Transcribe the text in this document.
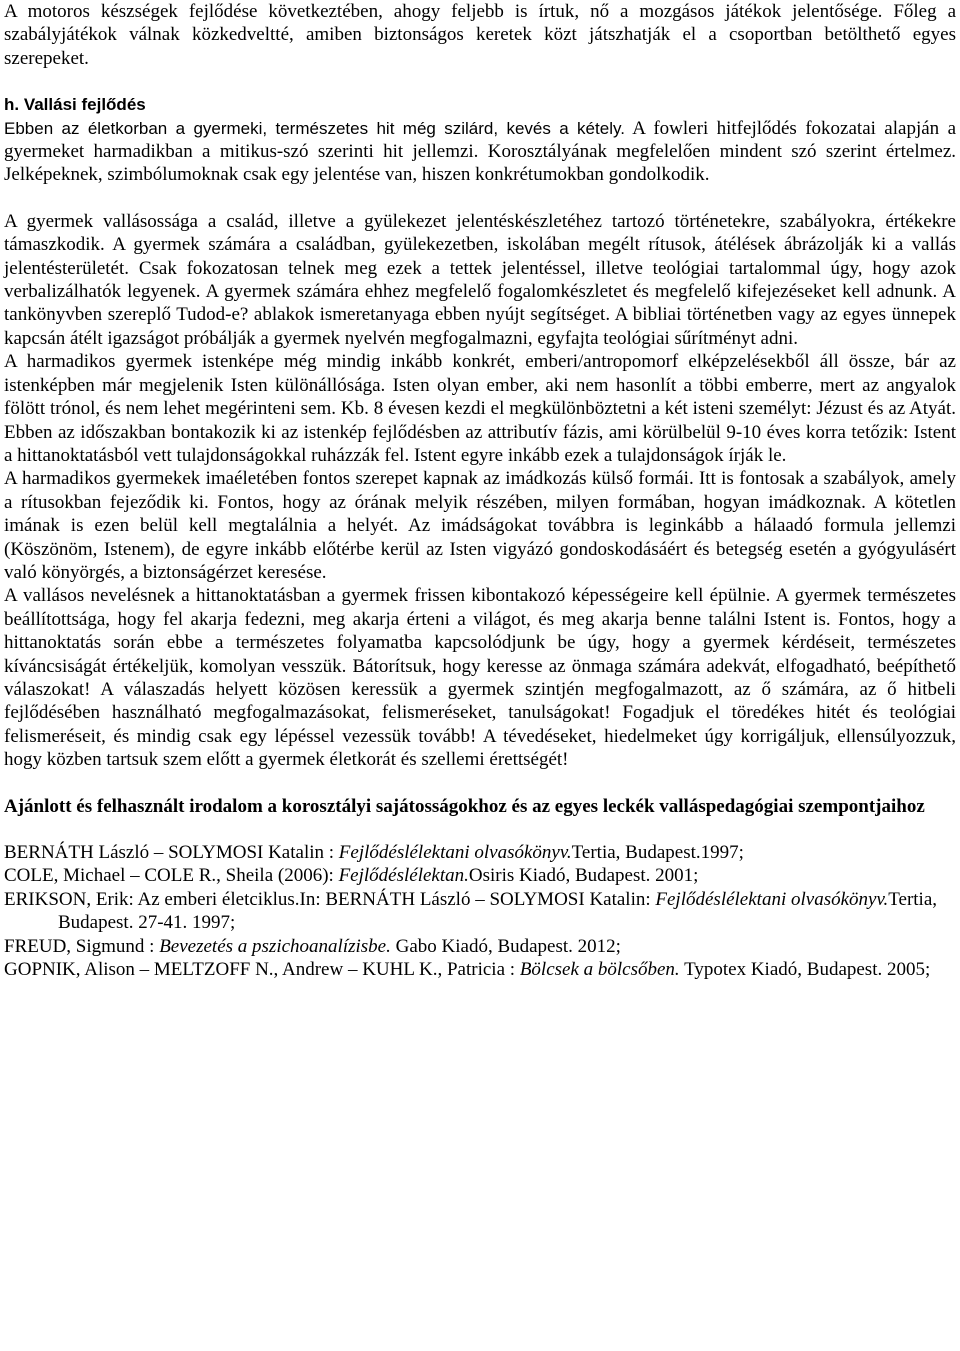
A motoros készségek fejlődése következtében, ahogy feljebb is írtuk, nő a mozgásos játékok jelentősége. Főleg a szabályjátékok válnak közkedveltté, amiben biztonságos keretek közt játszhatják el a csoportban betölthető egyes szerepeket.

h. Vallási fejlődés

Ebben az életkorban a gyermeki, természetes hit még szilárd, kevés a kétely. A fowleri hitfejlődés fokozatai alapján a gyermeket harmadikban a mitikus-szó szerinti hit jellemzi. Korosztályának megfelelően mindent szó szerint értelmez. Jelképeknek, szimbólumoknak csak egy jelentése van, hiszen konkrétumokban gondolkodik.

A gyermek vallásossága a család, illetve a gyülekezet jelentéskészletéhez tartozó történetekre, szabályokra, értékekre támaszkodik. A gyermek számára a családban, gyülekezetben, iskolában megélt rítusok, átélések ábrázolják ki a vallás jelentésterületét. Csak fokozatosan telnek meg ezek a tettek jelentéssel, illetve teológiai tartalommal úgy, hogy azok verbalizálhatók legyenek. A gyermek számára ehhez megfelelő fogalomkészletet és megfelelő kifejezéseket kell adnunk. A tankönyvben szereplő Tudod-e? ablakok ismeretanyaga ebben nyújt segítséget. A bibliai történetben vagy az egyes ünnepek kapcsán átélt igazságot próbálják a gyermek nyelvén megfogalmazni, egyfajta teológiai sűrítményt adni.

A harmadikos gyermek istenképe még mindig inkább konkrét, emberi/antropomorf elképzelésekből áll össze, bár az istenképben már megjelenik Isten különállósága. Isten olyan ember, aki nem hasonlít a többi emberre, mert az angyalok fölött trónol, és nem lehet megérinteni sem. Kb. 8 évesen kezdi el megkülönböztetni a két isteni személyt: Jézust és az Atyát. Ebben az időszakban bontakozik ki az istenkép fejlődésben az attributív fázis, ami körülbelül 9-10 éves korra tetőzik: Istent a hittanoktatásból vett tulajdonságokkal ruházzák fel. Istent egyre inkább ezek a tulajdonságok írják le.

A harmadikos gyermekek imaéletében fontos szerepet kapnak az imádkozás külső formái. Itt is fontosak a szabályok, amely a rítusokban fejeződik ki. Fontos, hogy az órának melyik részében, milyen formában, hogyan imádkoznak. A kötetlen imának is ezen belül kell megtalálnia a helyét. Az imádságokat továbbra is leginkább a hálaadó formula jellemzi (Köszönöm, Istenem), de egyre inkább előtérbe kerül az Isten vigyázó gondoskodásáért és betegség esetén a gyógyulásért való könyörgés, a biztonságérzet keresése.

A vallásos nevelésnek a hittanoktatásban a gyermek frissen kibontakozó képességeire kell épülnie. A gyermek természetes beállítottsága, hogy fel akarja fedezni, meg akarja érteni a világot, és meg akarja benne találni Istent is. Fontos, hogy a hittanoktatás során ebbe a természetes folyamatba kapcsolódjunk be úgy, hogy a gyermek kérdéseit, természetes kíváncsiságát értékeljük, komolyan vesszük. Bátorítsuk, hogy keresse az önmaga számára adekvát, elfogadható, beépíthető válaszokat! A válaszadás helyett közösen keressük a gyermek szintjén megfogalmazott, az ő számára, az ő hitbeli fejlődésében használható megfogalmazásokat, felismeréseket, tanulságokat! Fogadjuk el töredékes hitét és teológiai felismeréseit, és mindig csak egy lépéssel vezessük tovább! A tévedéseket, hiedelmeket úgy korrigáljuk, ellensúlyozzuk, hogy közben tartsuk szem előtt a gyermek életkorát és szellemi érettségét!

Ajánlott és felhasznált irodalom a korosztályi sajátosságokhoz és az egyes leckék valláspedagógiai szempontjaihoz

BERNÁTH László – SOLYMOSI Katalin : Fejlődéslélektani olvasókönyv.Tertia, Budapest.1997;

COLE, Michael – COLE R., Sheila (2006): Fejlődéslélektan.Osiris Kiadó, Budapest. 2001;

ERIKSON, Erik: Az emberi életciklus.In: BERNÁTH László – SOLYMOSI Katalin: Fejlődéslélektani olvasókönyv.Tertia, Budapest. 27-41. 1997;

FREUD, Sigmund : Bevezetés a pszichoanalízisbe. Gabo Kiadó, Budapest. 2012;

GOPNIK, Alison – MELTZOFF N., Andrew – KUHL K., Patricia : Bölcsek a bölcsőben. Typotex Kiadó, Budapest. 2005;
